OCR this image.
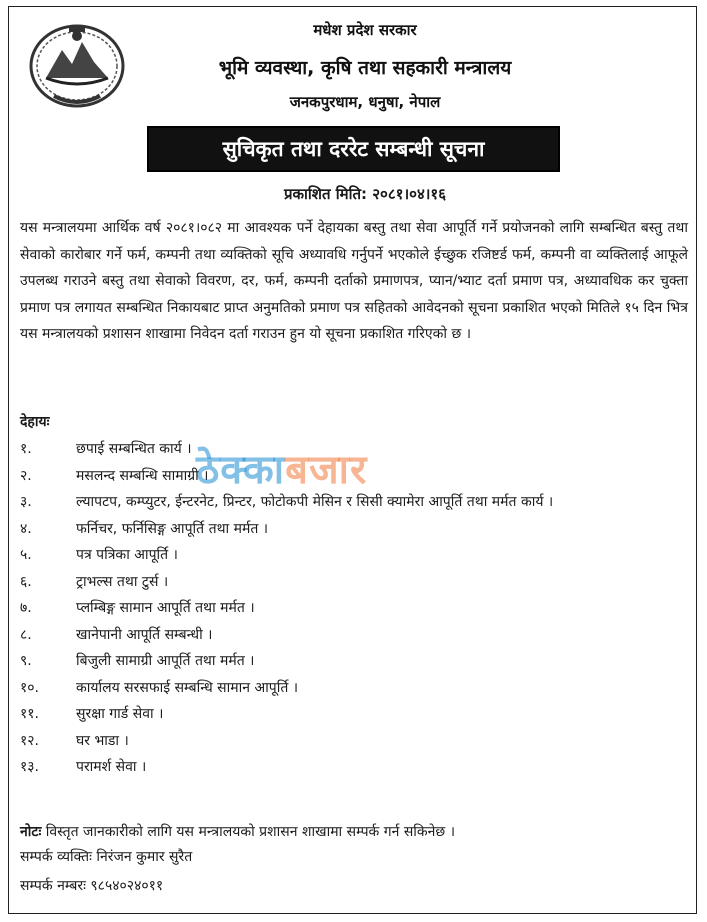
मधेश प्रदेश सरकार
भूमि व्यवस्था, कृषि तथा सहकारी मन्त्रालय
जनकपुरधाम, धनुषा, नेपाल
सुचिकृत तथा दररेट सम्बन्धी सूचना
प्रकाशित मिति: २०८१।०४।१६
यस मन्त्रालयमा आर्थिक वर्ष २०८१।०८२ मा आवश्यक पर्ने देहायका बस्तु तथा सेवा आपूर्ति गर्ने प्रयोजनको लागि सम्बन्धित बस्तु तथा सेवाको कारोबार गर्ने फर्म, कम्पनी तथा व्यक्तिको सूचि अध्यावधि गर्नुपर्ने भएकोले ईच्छुक रजिष्टर्ड फर्म, कम्पनी वा व्यक्तिलाई आफूले उपलब्ध गराउने बस्तु तथा सेवाको विवरण, दर, फर्म, कम्पनी दर्ताको प्रमाणपत्र, प्यान/भ्याट दर्ता प्रमाण पत्र, अध्यावधिक कर चुक्ता प्रमाण पत्र लगायत सम्बन्धित निकायबाट प्राप्त अनुमतिको प्रमाण पत्र सहितको आवेदनको सूचना प्रकाशित भएको मितिले १५ दिन भित्र यस मन्त्रालयको प्रशासन शाखामा निवेदन दर्ता गराउन हुन यो सूचना प्रकाशित गरिएको छ ।
देहायः
१.	छपाई सम्बन्धित कार्य ।
२.	मसलन्द सम्बन्धि सामाग्री ।
३.	ल्यापटप, कम्प्युटर, ईन्टरनेट, प्रिन्टर, फोटोकपी मेसिन र सिसी क्यामेरा आपूर्ति तथा मर्मत कार्य ।
४.	फर्निचर, फर्निसिङ्ग आपूर्ति तथा मर्मत ।
५.	पत्र पत्रिका आपूर्ति ।
६.	ट्राभल्स तथा टुर्स ।
७.	प्लम्बिङ्ग सामान आपूर्ति तथा मर्मत ।
८.	खानेपानी आपूर्ति सम्बन्धी ।
९.	बिजुली सामाग्री आपूर्ति तथा मर्मत ।
१०.	कार्यालय सरसफाई सम्बन्धि सामान आपूर्ति ।
११.	सुरक्षा गार्ड सेवा ।
१२.	घर भाडा ।
१३.	परामर्श सेवा ।
नोटः विस्तृत जानकारीको लागि यस मन्त्रालयको प्रशासन शाखामा सम्पर्क गर्न सकिनेछ ।
सम्पर्क व्यक्तिः निरंजन कुमार सुरैत
सम्पर्क नम्बरः ९८५४०२४०११
ठेक्काबजार
